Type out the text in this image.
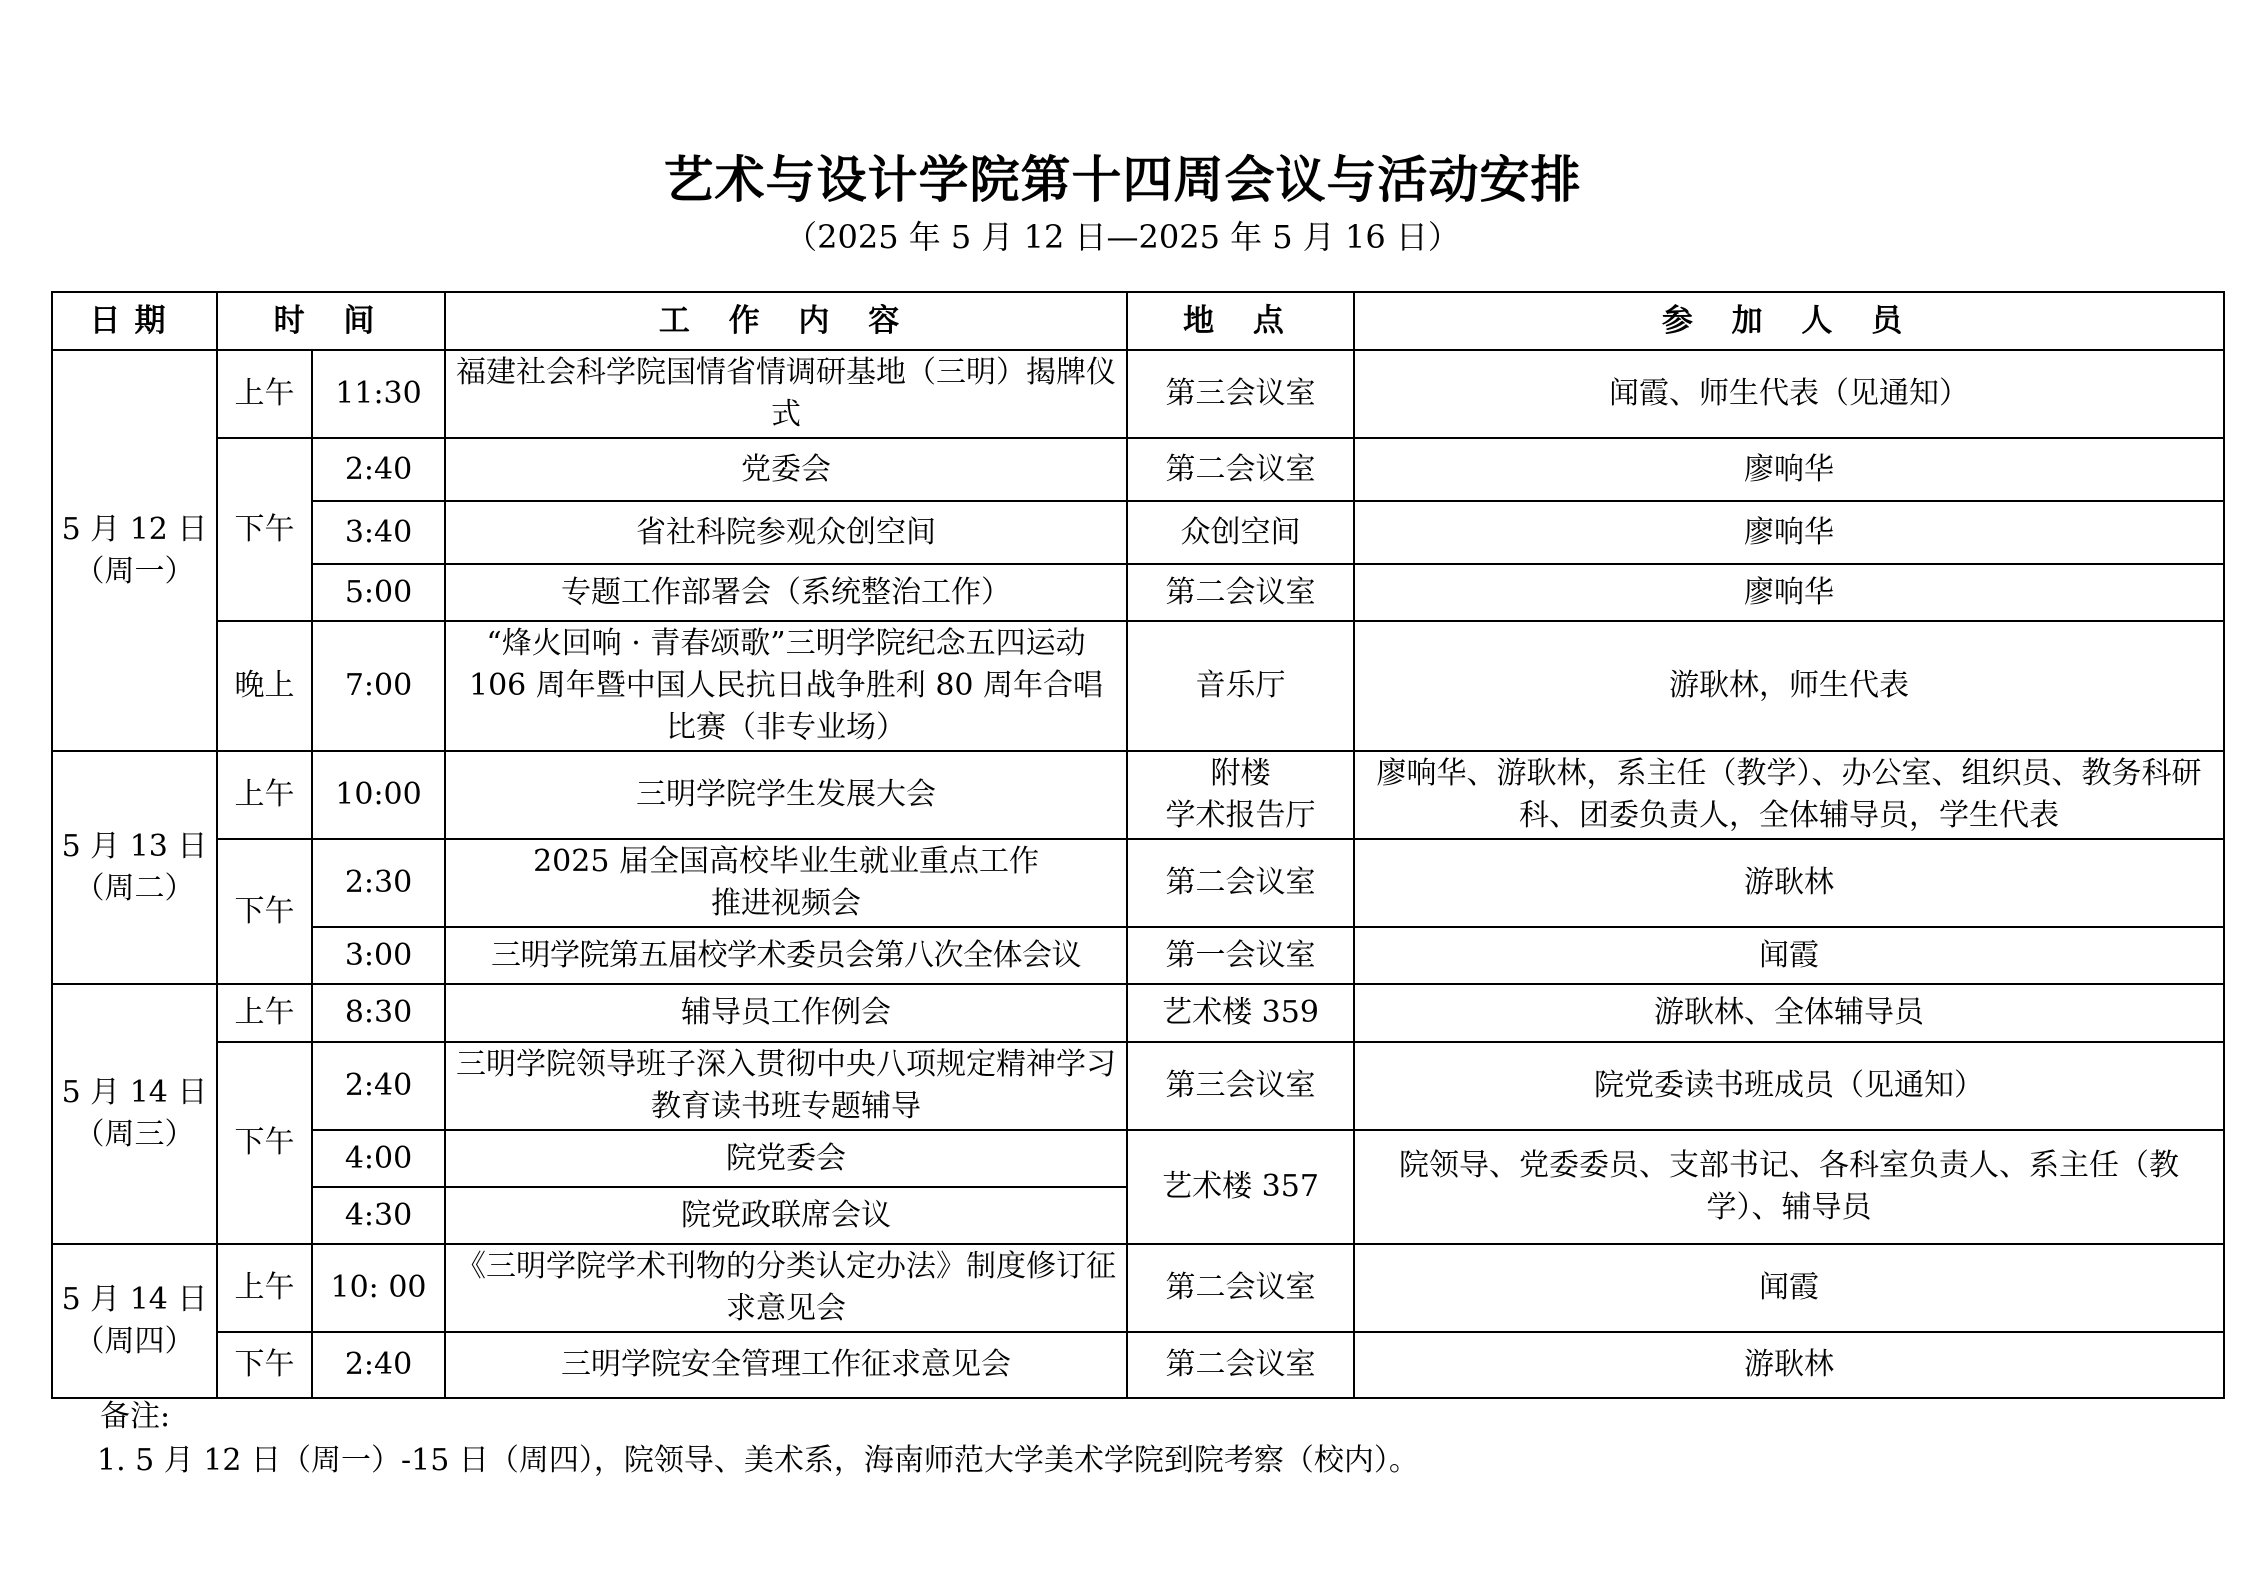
艺术与设计学院第十四周会议与活动安排
（2025 年 5 月 12 日—2025 年 5 月 16 日）
日期	时 间		工 作 内 容	地 点	参 加 人 员
5 月 12 日
（周一）	上午	11:30	福建社会科学院国情省情调研基地（三明）揭牌仪式	第三会议室	闻霞、师生代表（见通知）
	下午	2:40	党委会	第二会议室	廖响华
		3:40	省社科院参观众创空间	众创空间	廖响华
		5:00	专题工作部署会（系统整治工作）	第二会议室	廖响华
	晚上	7:00	“烽火回响 · 青春颂歌”三明学院纪念五四运动 106 周年暨中国人民抗日战争胜利 80 周年合唱比赛（非专业场）	音乐厅	游耿林，师生代表
5 月 13 日
（周二）	上午	10:00	三明学院学生发展大会	附楼
学术报告厅	廖响华、游耿林，系主任（教学）、办公室、组织员、教务科研科、团委负责人，全体辅导员，学生代表
	下午	2:30	2025 届全国高校毕业生就业重点工作
推进视频会	第二会议室	游耿林
		3:00	三明学院第五届校学术委员会第八次全体会议	第一会议室	闻霞
5 月 14 日
（周三）	上午	8:30	辅导员工作例会	艺术楼 359	游耿林、全体辅导员
	下午	2:40	三明学院领导班子深入贯彻中央八项规定精神学习教育读书班专题辅导	第三会议室	院党委读书班成员（见通知）
		4:00	院党委会	艺术楼 357	院领导、党委委员、支部书记、各科室负责人、系主任（教学）、辅导员
		4:30	院党政联席会议		
5 月 14 日
（周四）	上午	10: 00	《三明学院学术刊物的分类认定办法》制度修订征求意见会	第二会议室	闻霞
	下午	2:40	三明学院安全管理工作征求意见会	第二会议室	游耿林
备注:
1. 5 月 12 日（周一）-15 日（周四），院领导、美术系，海南师范大学美术学院到院考察（校内）。
